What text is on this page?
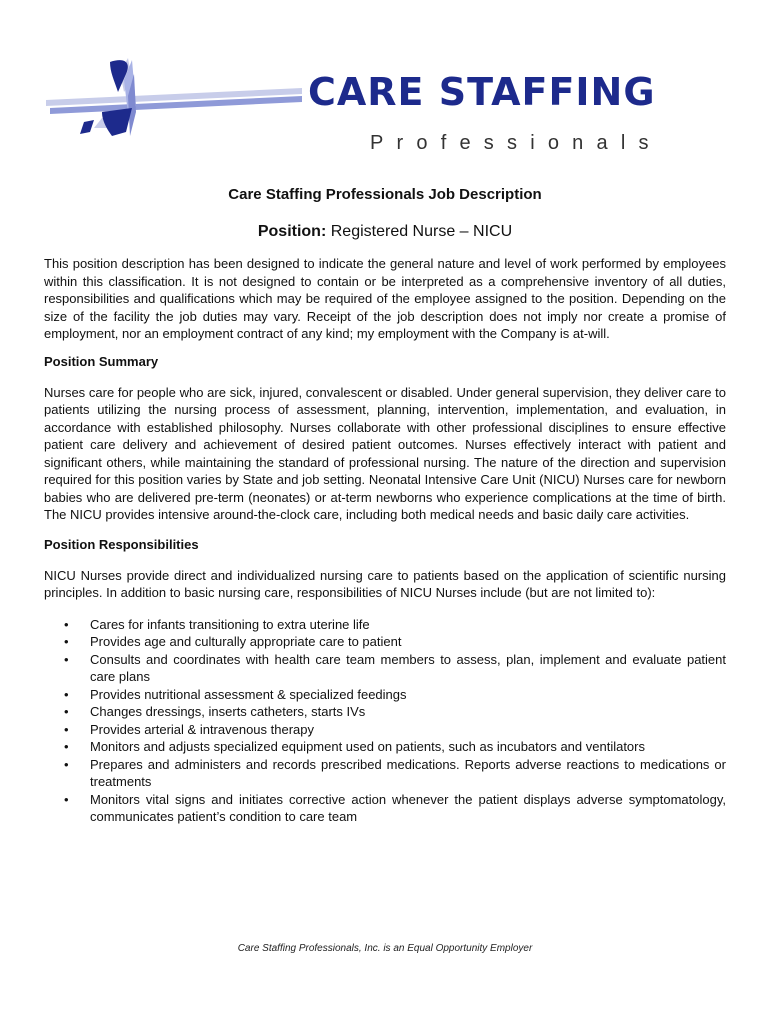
CARE STAFFING
Professionals
Care Staffing Professionals Job Description
Position: Registered Nurse – NICU

This position description has been designed to indicate the general nature and level of work performed by employees within this classification. It is not designed to contain or be interpreted as a comprehensive inventory of all duties, responsibilities and qualifications which may be required of the employee assigned to the position. Depending on the size of the facility the job duties may vary. Receipt of the job description does not imply nor create a promise of employment, nor an employment contract of any kind; my employment with the Company is at-will.

Position Summary

Nurses care for people who are sick, injured, convalescent or disabled. Under general supervision, they deliver care to patients utilizing the nursing process of assessment, planning, intervention, implementation, and evaluation, in accordance with established philosophy. Nurses collaborate with other professional disciplines to ensure effective patient care delivery and achievement of desired patient outcomes. Nurses effectively interact with patient and significant others, while maintaining the standard of professional nursing. The nature of the direction and supervision required for this position varies by State and job setting. Neonatal Intensive Care Unit (NICU) Nurses care for newborn babies who are delivered pre-term (neonates) or at-term newborns who experience complications at the time of birth. The NICU provides intensive around-the-clock care, including both medical needs and basic daily care activities.

Position Responsibilities

NICU Nurses provide direct and individualized nursing care to patients based on the application of scientific nursing principles. In addition to basic nursing care, responsibilities of NICU Nurses include (but are not limited to):

• Cares for infants transitioning to extra uterine life
• Provides age and culturally appropriate care to patient
• Consults and coordinates with health care team members to assess, plan, implement and evaluate patient care plans
• Provides nutritional assessment & specialized feedings
• Changes dressings, inserts catheters, starts IVs
• Provides arterial & intravenous therapy
• Monitors and adjusts specialized equipment used on patients, such as incubators and ventilators
• Prepares and administers and records prescribed medications. Reports adverse reactions to medications or treatments
• Monitors vital signs and initiates corrective action whenever the patient displays adverse symptomatology, communicates patient’s condition to care team
Care Staffing Professionals, Inc. is an Equal Opportunity Employer
